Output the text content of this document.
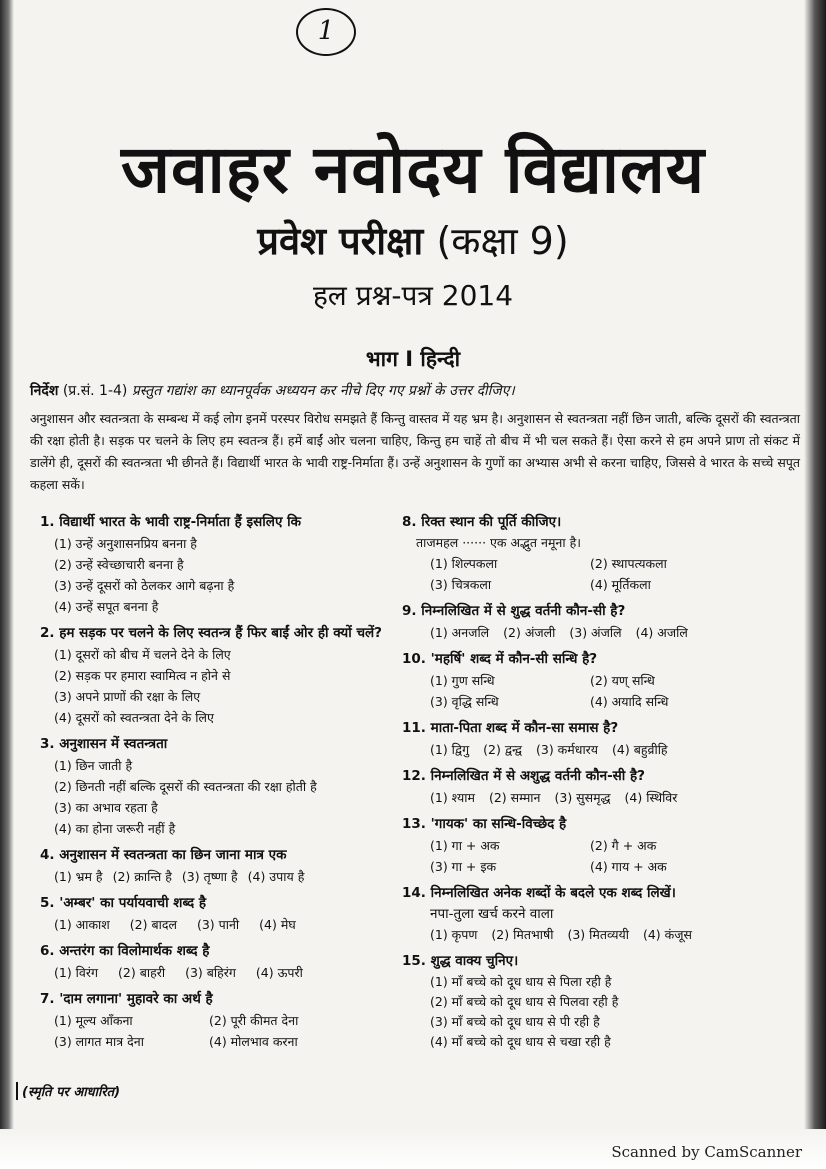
1
जवाहर नवोदय विद्यालय
प्रवेश परीक्षा (कक्षा 9)
हल प्रश्न-पत्र 2014
भाग I हिन्दी
निर्देश (प्र.सं. 1-4) प्रस्तुत गद्यांश का ध्यानपूर्वक अध्ययन कर नीचे दिए गए प्रश्नों के उत्तर दीजिए।
अनुशासन और स्वतन्त्रता के सम्बन्ध में कई लोग इनमें परस्पर विरोध समझते हैं किन्तु वास्तव में यह भ्रम है। अनुशासन से स्वतन्त्रता नहीं छिन जाती, बल्कि दूसरों की स्वतन्त्रता की रक्षा होती है। सड़क पर चलने के लिए हम स्वतन्त्र हैं। हमें बाईं ओर चलना चाहिए, किन्तु हम चाहें तो बीच में भी चल सकते हैं। ऐसा करने से हम अपने प्राण तो संकट में डालेंगे ही, दूसरों की स्वतन्त्रता भी छीनते हैं। विद्यार्थी भारत के भावी राष्ट्र-निर्माता हैं। उन्हें अनुशासन के गुणों का अभ्यास अभी से करना चाहिए, जिससे वे भारत के सच्चे सपूत कहला सकें।
1. विद्यार्थी भारत के भावी राष्ट्र-निर्माता हैं इसलिए कि
(1) उन्हें अनुशासनप्रिय बनना है
(2) उन्हें स्वेच्छाचारी बनना है
(3) उन्हें दूसरों को ठेलकर आगे बढ़ना है
(4) उन्हें सपूत बनना है
2. हम सड़क पर चलने के लिए स्वतन्त्र हैं फिर बाईं ओर ही क्यों चलें?
(1) दूसरों को बीच में चलने देने के लिए
(2) सड़क पर हमारा स्वामित्व न होने से
(3) अपने प्राणों की रक्षा के लिए
(4) दूसरों को स्वतन्त्रता देने के लिए
3. अनुशासन में स्वतन्त्रता
(1) छिन जाती है
(2) छिनती नहीं बल्कि दूसरों की स्वतन्त्रता की रक्षा होती है
(3) का अभाव रहता है
(4) का होना जरूरी नहीं है
4. अनुशासन में स्वतन्त्रता का छिन जाना मात्र एक
(1) भ्रम है (2) क्रान्ति है (3) तृष्णा है (4) उपाय है
5. 'अम्बर' का पर्यायवाची शब्द है
(1) आकाश (2) बादल (3) पानी (4) मेघ
6. अन्तरंग का विलोमार्थक शब्द है
(1) विरंग (2) बाहरी (3) बहिरंग (4) ऊपरी
7. 'दाम लगाना' मुहावरे का अर्थ है
(1) मूल्य आँकना	(2) पूरी कीमत देना
(3) लागत मात्र देना	(4) मोलभाव करना
8. रिक्त स्थान की पूर्ति कीजिए।
ताजमहल ······ एक अद्भुत नमूना है।
(1) शिल्पकला	(2) स्थापत्यकला
(3) चित्रकला	(4) मूर्तिकला
9. निम्नलिखित में से शुद्ध वर्तनी कौन-सी है?
(1) अनजलि (2) अंजली (3) अंजलि (4) अजलि
10. 'महर्षि' शब्द में कौन-सी सन्धि है?
(1) गुण सन्धि	(2) यण् सन्धि
(3) वृद्धि सन्धि	(4) अयादि सन्धि
11. माता-पिता शब्द में कौन-सा समास है?
(1) द्विगु (2) द्वन्द्व (3) कर्मधारय (4) बहुव्रीहि
12. निम्नलिखित में से अशुद्ध वर्तनी कौन-सी है?
(1) श्याम (2) सम्मान (3) सुसमृद्ध (4) स्थिविर
13. 'गायक' का सन्धि-विच्छेद है
(1) गा + अक	(2) गै + अक
(3) गा + इक	(4) गाय + अक
14. निम्नलिखित अनेक शब्दों के बदले एक शब्द लिखें।
नपा-तुला खर्च करने वाला
(1) कृपण (2) मितभाषी (3) मितव्ययी (4) कंजूस
15. शुद्ध वाक्य चुनिए।
(1) माँ बच्चे को दूध धाय से पिला रही है
(2) माँ बच्चे को दूध धाय से पिलवा रही है
(3) माँ बच्चे को दूध धाय से पी रही है
(4) माँ बच्चे को दूध धाय से चखा रही है
(स्मृति पर आधारित)
Scanned by CamScanner
